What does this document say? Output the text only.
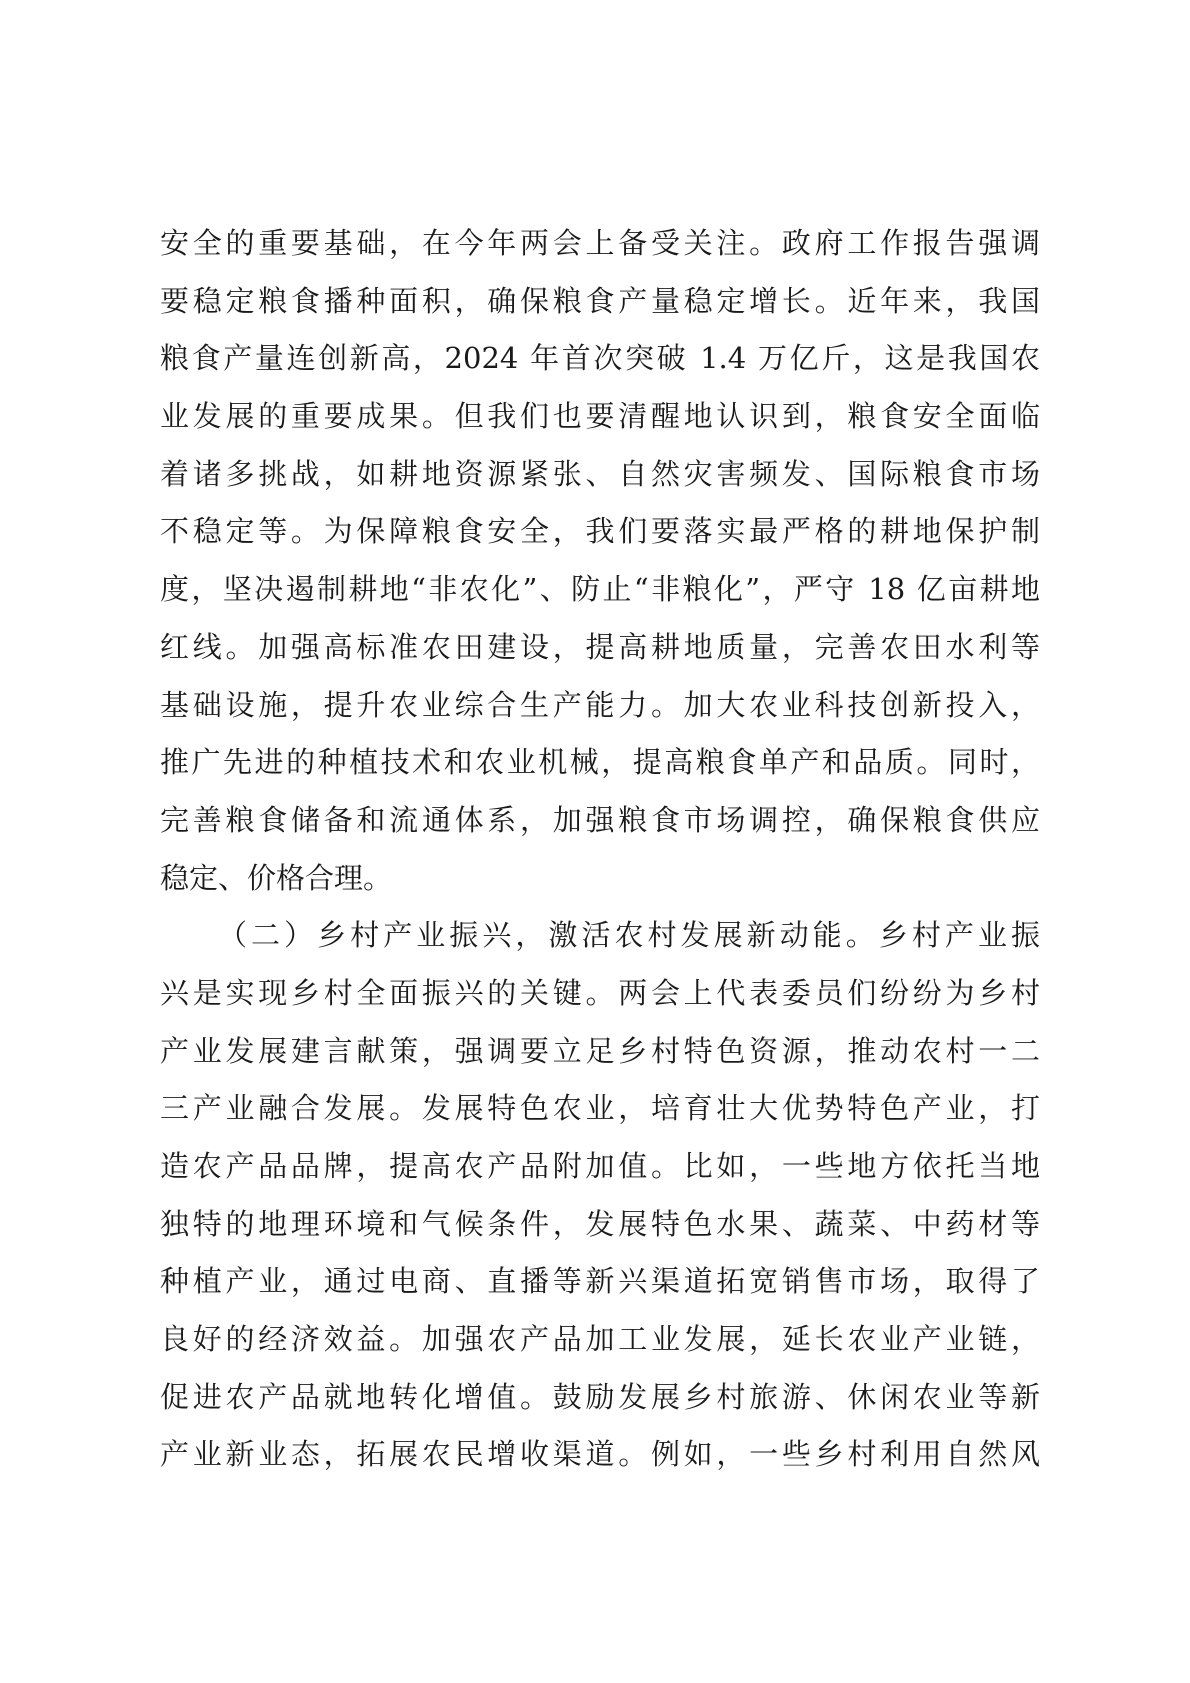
安全的重要基础，在今年两会上备受关注。政府工作报告强调
要稳定粮食播种面积，确保粮食产量稳定增长。近年来，我国
粮食产量连创新高，2024 年首次突破 1.4 万亿斤，这是我国农
业发展的重要成果。但我们也要清醒地认识到，粮食安全面临
着诸多挑战，如耕地资源紧张、自然灾害频发、国际粮食市场
不稳定等。为保障粮食安全，我们要落实最严格的耕地保护制
度，坚决遏制耕地“非农化”、防止“非粮化”，严守 18 亿亩耕地
红线。加强高标准农田建设，提高耕地质量，完善农田水利等
基础设施，提升农业综合生产能力。加大农业科技创新投入，
推广先进的种植技术和农业机械，提高粮食单产和品质。同时，
完善粮食储备和流通体系，加强粮食市场调控，确保粮食供应
稳定、价格合理。
（二）乡村产业振兴，激活农村发展新动能。乡村产业振
兴是实现乡村全面振兴的关键。两会上代表委员们纷纷为乡村
产业发展建言献策，强调要立足乡村特色资源，推动农村一二
三产业融合发展。发展特色农业，培育壮大优势特色产业，打
造农产品品牌，提高农产品附加值。比如，一些地方依托当地
独特的地理环境和气候条件，发展特色水果、蔬菜、中药材等
种植产业，通过电商、直播等新兴渠道拓宽销售市场，取得了
良好的经济效益。加强农产品加工业发展，延长农业产业链，
促进农产品就地转化增值。鼓励发展乡村旅游、休闲农业等新
产业新业态，拓展农民增收渠道。例如，一些乡村利用自然风
